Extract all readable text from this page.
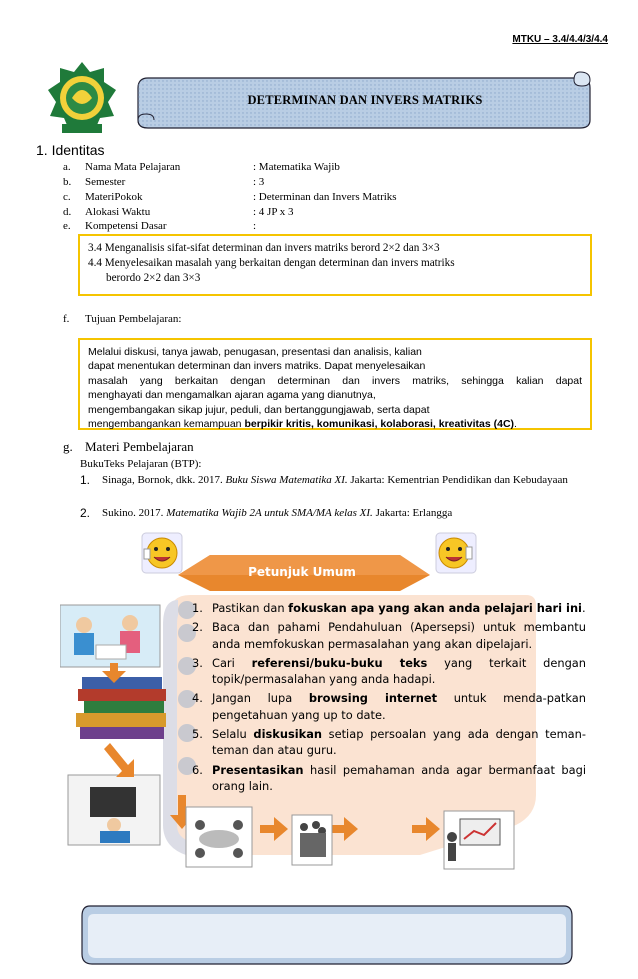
MTKU – 3.4/4.4/3/4.4
DETERMINAN DAN INVERS MATRIKS
1. Identitas
a.	Nama Mata Pelajaran	: Matematika Wajib
b.	Semester	: 3
c.	MateriPokok	: Determinan dan Invers Matriks
d.	Alokasi Waktu	: 4 JP x 3
e.	Kompetensi Dasar	:
3.4 Menganalisis sifat-sifat determinan dan invers matriks berord 2×2 dan 3×3
4.4 Menyelesaikan masalah yang berkaitan dengan determinan dan invers matriks
berordo 2×2 dan 3×3
f.	Tujuan Pembelajaran:
Melalui diskusi, tanya jawab, penugasan, presentasi dan analisis, kalian
dapat menentukan determinan dan invers matriks. Dapat menyelesaikan
masalah yang berkaitan dengan determinan dan invers matriks, sehingga kalian dapat
menghayati dan mengamalkan ajaran agama yang dianutnya,
mengembangakan sikap jujur, peduli, dan bertanggungjawab, serta dapat
mengembangankan kemampuan berpikir kritis, komunikasi, kolaborasi, kreativitas (4C).
g. Materi Pembelajaran
BukuTeks Pelajaran (BTP):
1.	Sinaga, Bornok, dkk. 2017. Buku Siswa Matematika XI. Jakarta: Kementrian Pendidikan dan Kebudayaan
2.	Sukino. 2017. Matematika Wajib 2A untuk SMA/MA kelas XI. Jakarta: Erlangga
Petunjuk Umum
1. Pastikan dan fokuskan apa yang akan anda pelajari hari ini.
2. Baca dan pahami Pendahuluan (Apersepsi) untuk membantu anda memfokuskan permasalahan yang akan dipelajari.
3. Cari referensi/buku-buku teks yang terkait dengan topik/permasalahan yang anda hadapi.
4. Jangan lupa browsing internet untuk menda-patkan pengetahuan yang up to date.
5. Selalu diskusikan setiap persoalan yang ada dengan teman-teman dan atau guru.
6. Presentasikan hasil pemahaman anda agar bermanfaat bagi orang lain.
